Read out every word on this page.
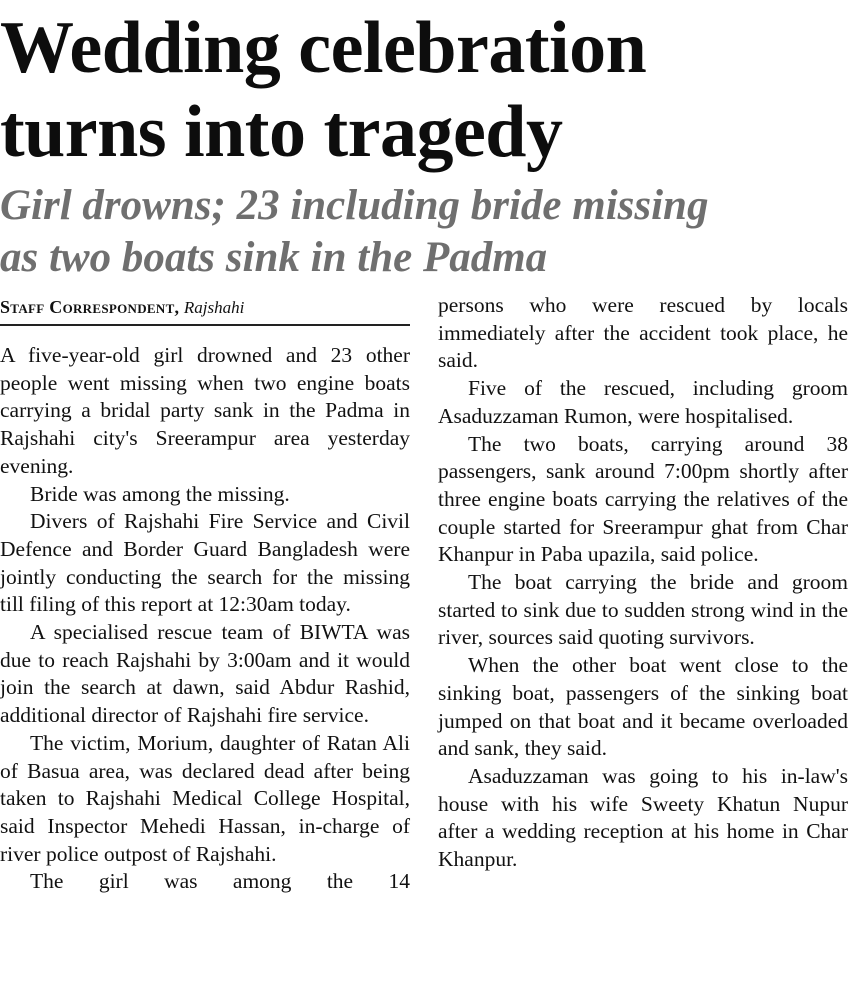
Wedding celebration
turns into tragedy
Girl drowns; 23 including bride missing
as two boats sink in the Padma
Staff Correspondent, Rajshahi

A five-year-old girl drowned and 23 other people went missing when two engine boats carrying a bridal party sank in the Padma in Rajshahi city's Sreerampur area yesterday evening.

Bride was among the missing.

Divers of Rajshahi Fire Service and Civil Defence and Border Guard Bangladesh were jointly conducting the search for the missing till filing of this report at 12:30am today.

A specialised rescue team of BIWTA was due to reach Rajshahi by 3:00am and it would join the search at dawn, said Abdur Rashid, additional director of Rajshahi fire service.

The victim, Morium, daughter of Ratan Ali of Basua area, was declared dead after being taken to Rajshahi Medical College Hospital, said Inspector Mehedi Hassan, in-charge of river police outpost of Rajshahi.

The girl was among the 14

persons who were rescued by locals immediately after the accident took place, he said.

Five of the rescued, including groom Asaduzzaman Rumon, were hospitalised.

The two boats, carrying around 38 passengers, sank around 7:00pm shortly after three engine boats carrying the relatives of the couple started for Sreerampur ghat from Char Khanpur in Paba upazila, said police.

The boat carrying the bride and groom started to sink due to sudden strong wind in the river, sources said quoting survivors.

When the other boat went close to the sinking boat, passengers of the sinking boat jumped on that boat and it became overloaded and sank, they said.

Asaduzzaman was going to his in-law's house with his wife Sweety Khatun Nupur after a wedding reception at his home in Char Khanpur.
